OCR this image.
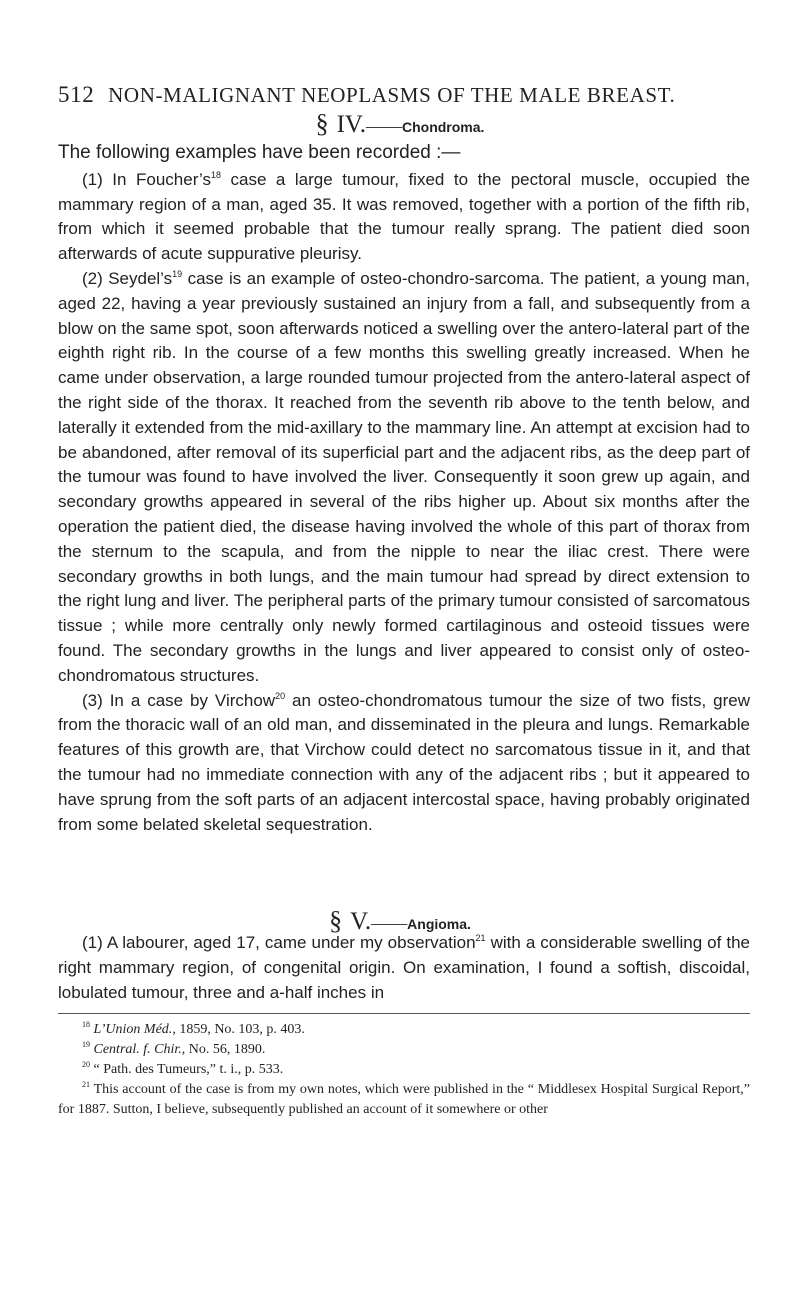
512 NON-MALIGNANT NEOPLASMS OF THE MALE BREAST.
§ IV.——Chondroma.

The following examples have been recorded :—

(1) In $Foucher’s^{18}$ case a large tumour, fixed to the pectoral muscle, occupied the mammary region of a man, aged 35. It was removed, together with a portion of the fifth rib, from which it seemed probable that the tumour really sprang. The patient died soon afterwards of acute suppurative pleurisy.

(2) $Seydel’s^{19}$ case is an example of osteo-chondro-sarcoma. The patient, a young man, aged 22, having a year previously sustained an injury from a fall, and subsequently from a blow on the same spot, soon afterwards noticed a swelling over the antero-lateral part of the eighth right rib. In the course of a few months this swelling greatly increased. When he came under observation, a large rounded tumour projected from the antero-lateral aspect of the right side of the thorax. It reached from the seventh rib above to the tenth below, and laterally it extended from the mid-axillary to the mammary line. An attempt at excision had to be abandoned, after removal of its superficial part and the adjacent ribs, as the deep part of the tumour was found to have involved the liver. Consequently it soon grew up again, and secondary growths appeared in several of the ribs higher up. About six months after the operation the patient died, the disease having involved the whole of this part of thorax from the sternum to the scapula, and from the nipple to near the iliac crest. There were secondary growths in both lungs, and the main tumour had spread by direct extension to the right lung and liver. The peripheral parts of the primary tumour consisted of sarcomatous tissue ; while more centrally only newly formed cartilaginous and osteoid tissues were found. The secondary growths in the lungs and liver appeared to consist only of osteo-chondromatous structures.

(3) In a case by Virchow$^{20}$ an osteo-chondromatous tumour the size of two fists, grew from the thoracic wall of an old man, and disseminated in the pleura and lungs. Remarkable features of this growth are, that Virchow could detect no sarcomatous tissue in it, and that the tumour had no immediate connection with any of the adjacent ribs ; but it appeared to have sprung from the soft parts of an adjacent intercostal space, having probably originated from some belated skeletal sequestration.

§ V.——Angioma.

(1) A labourer, aged 17, came under my observation$^{21}$ with a considerable swelling of the right mammary region, of congenital origin. On examination, I found a softish, discoidal, lobulated tumour, three and a-half inches in

$^{18}$ L’Union Méd., 1859, No. 103, p. 403.

$^{19}$ Central. f. Chir., No. 56, 1890.

$^{20}$ “ Path. des Tumeurs,” t. i., p. 533.

$^{21}$ This account of the case is from my own notes, which were published in the “ Middlesex Hospital Surgical Report,” for 1887. Sutton, I believe, subsequently published an account of it somewhere or other
